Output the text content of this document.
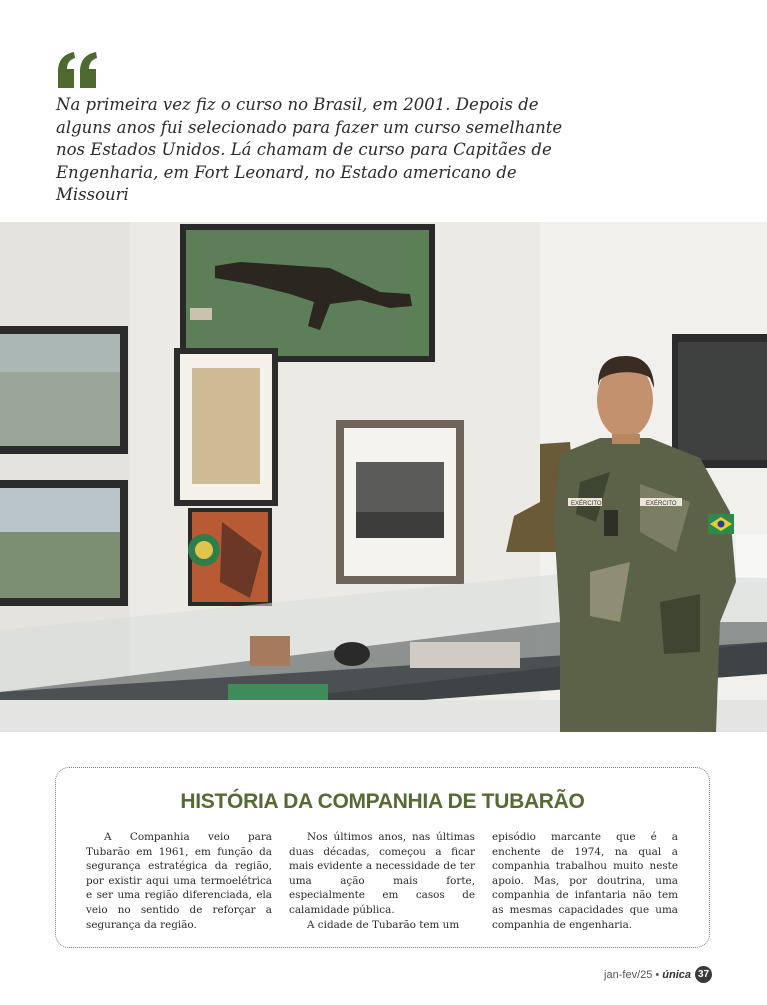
Na primeira vez fiz o curso no Brasil, em 2001. Depois de
alguns anos fui selecionado para fazer um curso semelhante
nos Estados Unidos. Lá chamam de curso para Capitães de
Engenharia, em Fort Leonard, no Estado americano de Missouri

EXÉRCITO	EXÉRCITO
HISTÓRIA DA COMPANHIA DE TUBARÃO

A Companhia veio para Tubarão em 1961, em função da segurança estratégica da região, por existir aqui uma termoelétrica e ser uma região diferenciada, ela veio no sentido de reforçar a segurança da região.

Nos últimos anos, nas últimas duas décadas, começou a ficar mais evidente a necessidade de ter uma ação mais forte, especialmente em casos de calamidade pública.

A cidade de Tubarão tem um

episódio marcante que é a enchente de 1974, na qual a companhia trabalhou muito neste apoio. Mas, por doutrina, uma companhia de infantaria não tem as mesmas capacidades que uma companhia de engenharia.

jan-fev/25 • única 37
